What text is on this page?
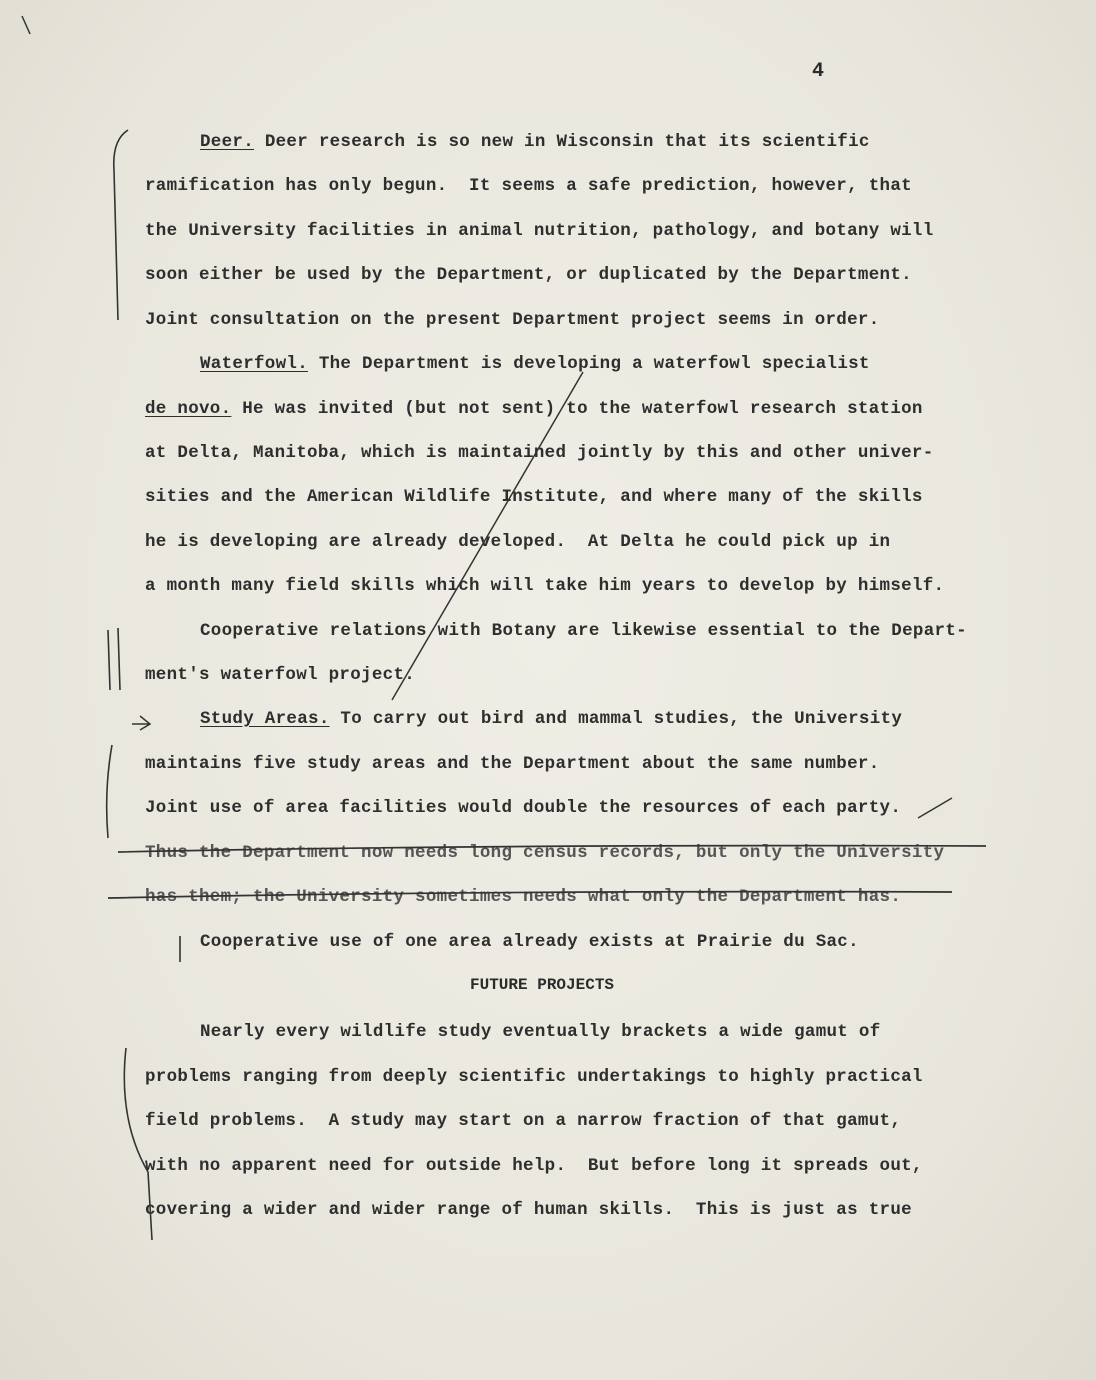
4
Deer. Deer research is so new in Wisconsin that its scientific
ramification has only begun.  It seems a safe prediction, however, that
the University facilities in animal nutrition, pathology, and botany will
soon either be used by the Department, or duplicated by the Department.
Joint consultation on the present Department project seems in order.
Waterfowl. The Department is developing a waterfowl specialist
de novo. He was invited (but not sent) to the waterfowl research station
at Delta, Manitoba, which is maintained jointly by this and other univer-
sities and the American Wildlife Institute, and where many of the skills
he is developing are already developed.  At Delta he could pick up in
a month many field skills which will take him years to develop by himself.
Cooperative relations with Botany are likewise essential to the Depart-
ment's waterfowl project.
Study Areas. To carry out bird and mammal studies, the University
maintains five study areas and the Department about the same number.
Joint use of area facilities would double the resources of each party.
Thus the Department now needs long census records, but only the University
has them; the University sometimes needs what only the Department has.
Cooperative use of one area already exists at Prairie du Sac.
FUTURE PROJECTS
Nearly every wildlife study eventually brackets a wide gamut of
problems ranging from deeply scientific undertakings to highly practical
field problems.  A study may start on a narrow fraction of that gamut,
with no apparent need for outside help.  But before long it spreads out,
covering a wider and wider range of human skills.  This is just as true
